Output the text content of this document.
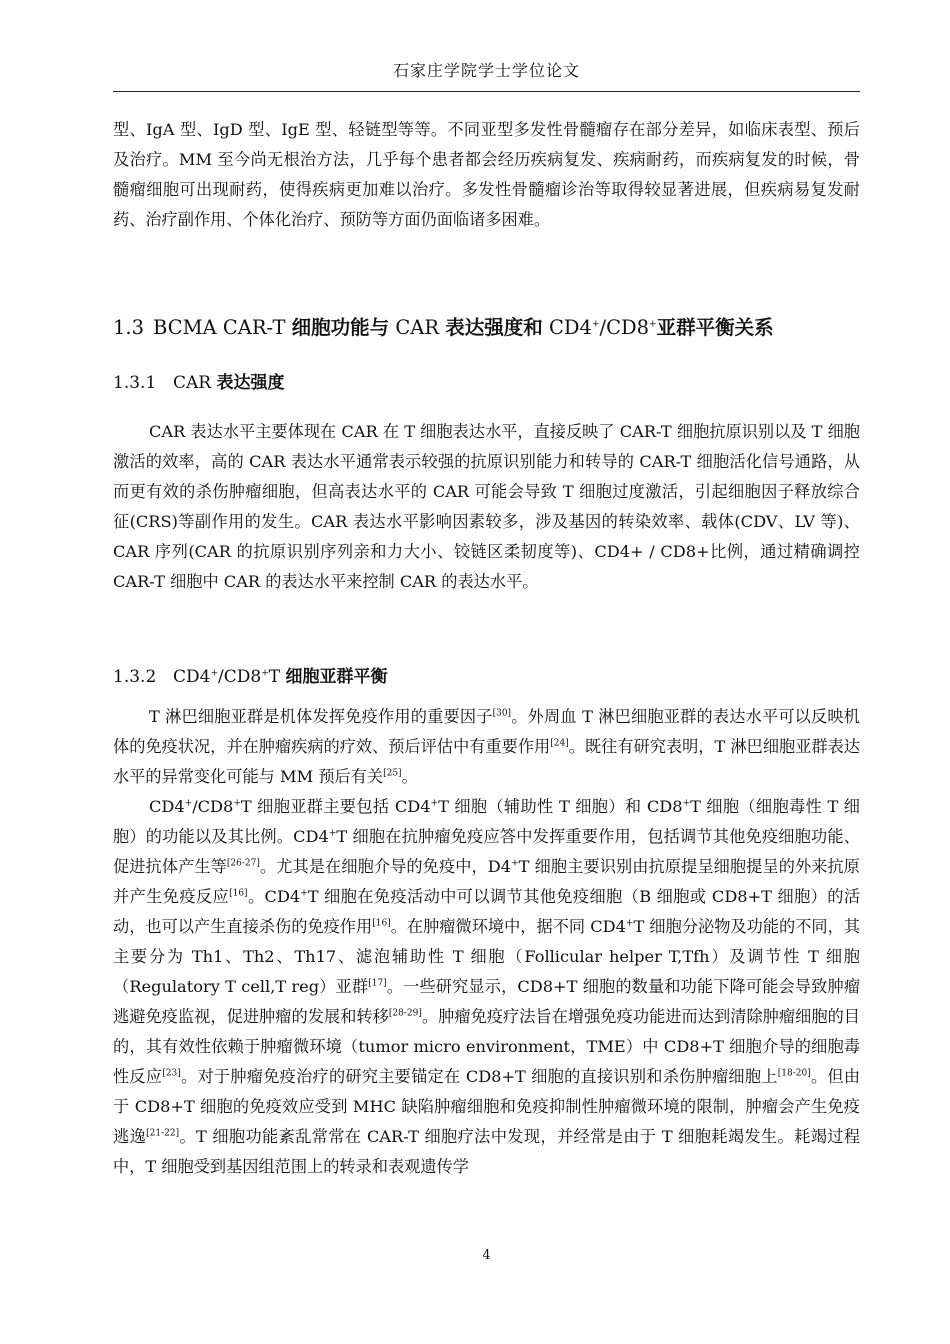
石家庄学院学士学位论文

型、IgA 型、IgD 型、IgE 型、轻链型等等。不同亚型多发性骨髓瘤存在部分差异，如临床表型、预后及治疗。MM 至今尚无根治方法，几乎每个患者都会经历疾病复发、疾病耐药，而疾病复发的时候，骨髓瘤细胞可出现耐药，使得疾病更加难以治疗。多发性骨髓瘤诊治等取得较显著进展，但疾病易复发耐药、治疗副作用、个体化治疗、预防等方面仍面临诸多困难。

1.3 BCMA CAR-T 细胞功能与 CAR 表达强度和 CD4+/CD8+亚群平衡关系
1.3.1 CAR 表达强度

CAR 表达水平主要体现在 CAR 在 T 细胞表达水平，直接反映了 CAR-T 细胞抗原识别以及 T 细胞激活的效率，高的 CAR 表达水平通常表示较强的抗原识别能力和转导的 CAR-T 细胞活化信号通路，从而更有效的杀伤肿瘤细胞，但高表达水平的 CAR 可能会导致 T 细胞过度激活，引起细胞因子释放综合征(CRS)等副作用的发生。CAR 表达水平影响因素较多，涉及基因的转染效率、载体(CDV、LV 等)、CAR 序列(CAR 的抗原识别序列亲和力大小、铰链区柔韧度等)、CD4+ / CD8+比例，通过精确调控 CAR-T 细胞中 CAR 的表达水平来控制 CAR 的表达水平。

1.3.2 CD4+/CD8+T 细胞亚群平衡

T 淋巴细胞亚群是机体发挥免疫作用的重要因子[30]。外周血 T 淋巴细胞亚群的表达水平可以反映机体的免疫状况，并在肿瘤疾病的疗效、预后评估中有重要作用[24]。既往有研究表明，T 淋巴细胞亚群表达水平的异常变化可能与 MM 预后有关[25]。

CD4+/CD8+T 细胞亚群主要包括 CD4+T 细胞（辅助性 T 细胞）和 CD8+T 细胞（细胞毒性 T 细胞）的功能以及其比例。CD4+T 细胞在抗肿瘤免疫应答中发挥重要作用，包括调节其他免疫细胞功能、促进抗体产生等[26-27]。尤其是在细胞介导的免疫中，D4+T 细胞主要识别由抗原提呈细胞提呈的外来抗原并产生免疫反应[16]。CD4+T 细胞在免疫活动中可以调节其他免疫细胞（B 细胞或 CD8+T 细胞）的活动，也可以产生直接杀伤的免疫作用[16]。在肿瘤微环境中，据不同 CD4+T 细胞分泌物及功能的不同，其主要分为 Th1、Th2、Th17、滤泡辅助性 T 细胞（Follicular helper T,Tfh）及调节性 T 细胞（Regulatory T cell,T reg）亚群[17]。一些研究显示，CD8+T 细胞的数量和功能下降可能会导致肿瘤逃避免疫监视，促进肿瘤的发展和转移[28-29]。肿瘤免疫疗法旨在增强免疫功能进而达到清除肿瘤细胞的目的，其有效性依赖于肿瘤微环境（tumor micro environment，TME）中 CD8+T 细胞介导的细胞毒性反应[23]。对于肿瘤免疫治疗的研究主要锚定在 CD8+T 细胞的直接识别和杀伤肿瘤细胞上[18-20]。但由于 CD8+T 细胞的免疫效应受到 MHC 缺陷肿瘤细胞和免疫抑制性肿瘤微环境的限制，肿瘤会产生免疫逃逸[21-22]。T 细胞功能紊乱常常在 CAR-T 细胞疗法中发现，并经常是由于 T 细胞耗竭发生。耗竭过程中，T 细胞受到基因组范围上的转录和表观遗传学

4
